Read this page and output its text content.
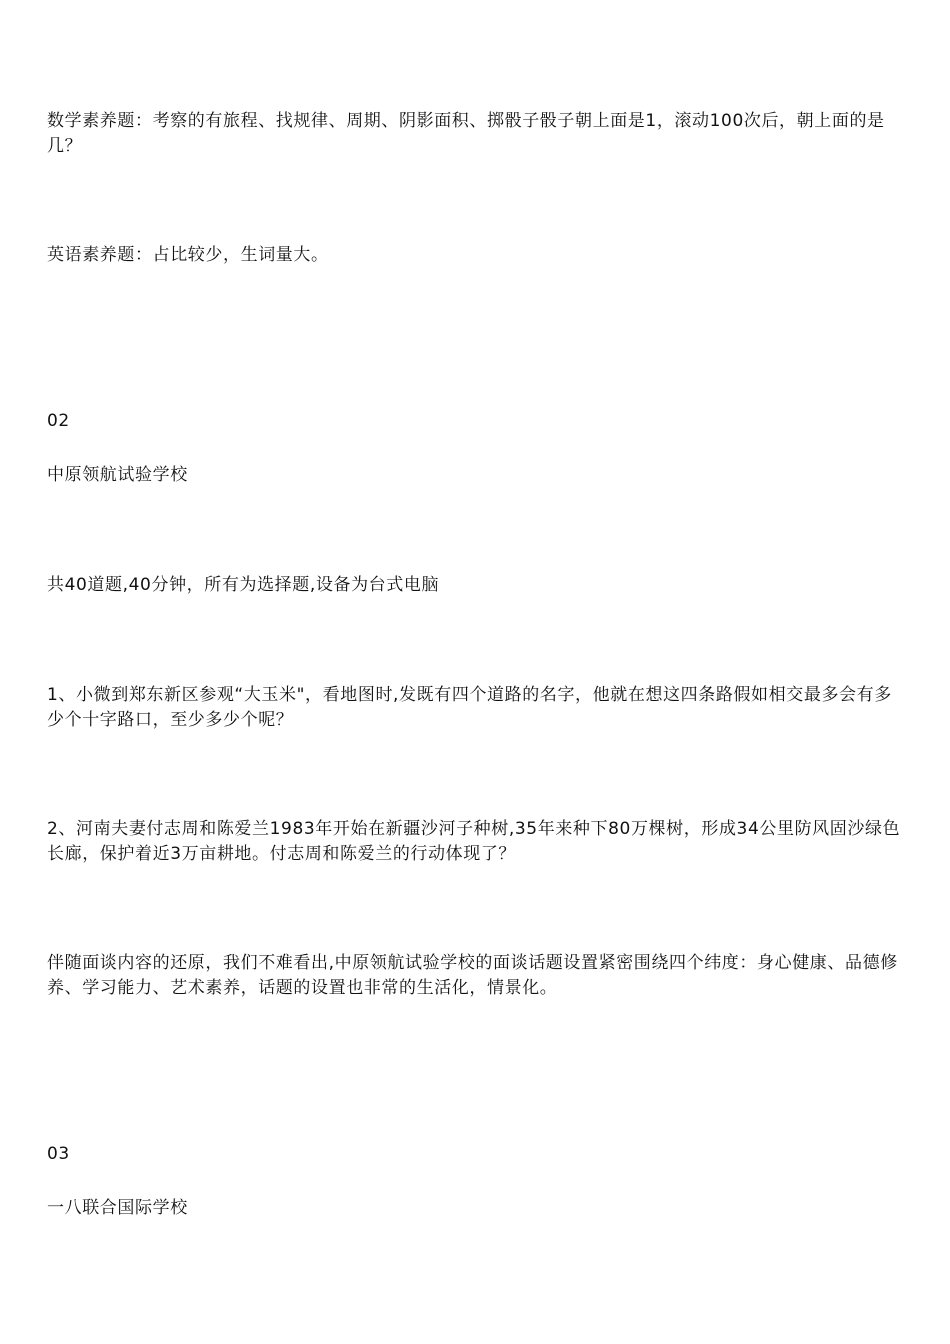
数学素养题：考察的有旅程、找规律、周期、阴影面积、掷骰子骰子朝上面是1，滚动100次后，朝上面的是几？

英语素养题：占比较少，生词量大。

02

中原领航试验学校

共40道题,40分钟，所有为选择题,设备为台式电脑

1、小微到郑东新区参观“大玉米"，看地图时,发既有四个道路的名字，他就在想这四条路假如相交最多会有多少个十字路口，至少多少个呢？

2、河南夫妻付志周和陈爱兰1983年开始在新疆沙河子种树,35年来种下80万棵树，形成34公里防风固沙绿色长廊，保护着近3万亩耕地。付志周和陈爱兰的行动体现了？

伴随面谈内容的还原，我们不难看出,中原领航试验学校的面谈话题设置紧密围绕四个纬度：身心健康、品德修养、学习能力、艺术素养，话题的设置也非常的生活化，情景化。

03

一八联合国际学校
